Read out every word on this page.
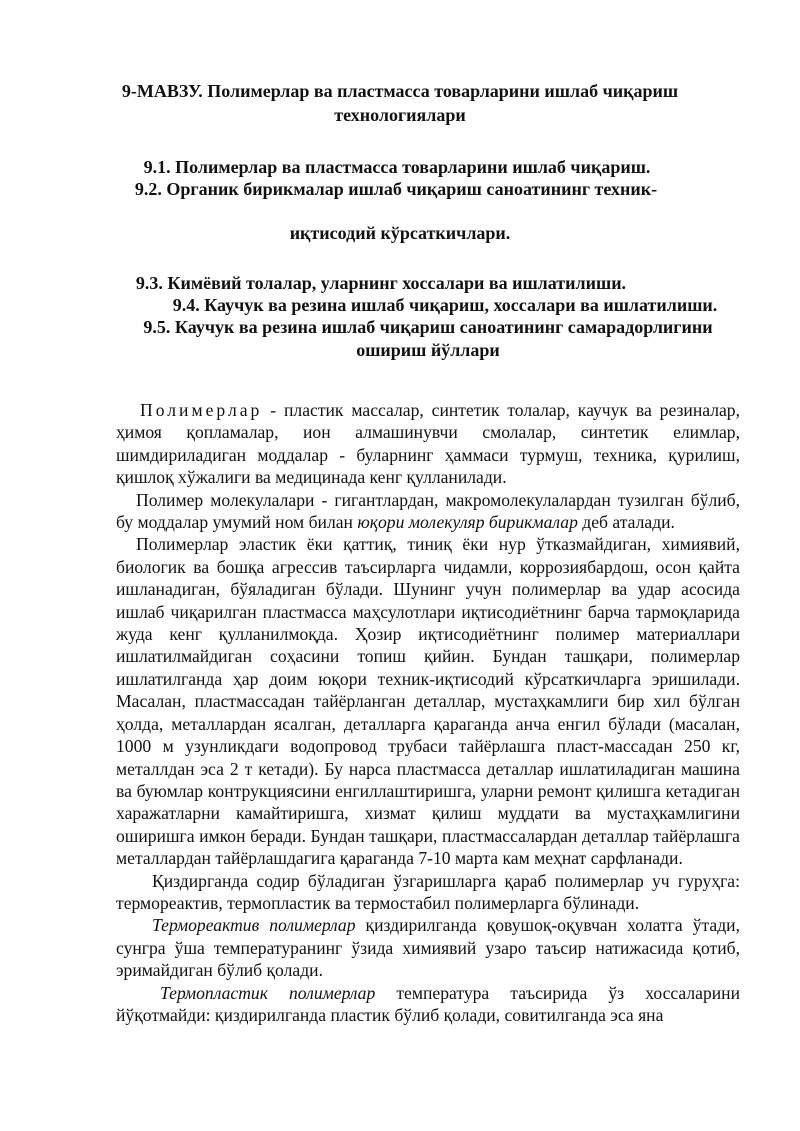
9-МАВЗУ. Полимерлар ва пластмасса товарларини ишлаб чиқариш

технологиялари

9.1. Полимерлар ва пластмасса товарларини ишлаб чиқариш.

9.2. Органик бирикмалар ишлаб чиқариш саноатининг техник-

иқтисодий кўрсаткичлари.

9.3. Кимёвий толалар, уларнинг хоссалари ва ишлатилиши.

9.4. Каучук ва резина ишлаб чиқариш, хоссалари ва ишлатилиши.

9.5. Каучук ва резина ишлаб чиқариш саноатининг самарадорлигини

ошириш йўллари

Полимерлар - пластик массалар, синтетик толалар, каучук ва резиналар, ҳимоя қопламалар, ион алмашинувчи смолалар, синтетик елимлар, шимдириладиган моддалар - буларнинг ҳаммаси турмуш, техника, қурилиш, қишлоқ хўжалиги ва медицинада кенг қулланилади.

Полимер молекулалари - гигантлардан, макромолекулалардан тузилган бўлиб, бу моддалар умумий ном билан юқори молекуляр бирикмалар деб аталади.

Полимерлар эластик ёки қаттиқ, тиниқ ёки нур ўтказмайдиган, химиявий, биологик ва бошқа агрессив таъсирларга чидамли, коррозиябардош, осон қайта ишланадиган, бўяладиган бўлади. Шунинг учун полимерлар ва удар асосида ишлаб чиқарилган пластмасса маҳсулотлари иқтисодиётнинг барча тармоқларида жуда кенг қулланилмоқда. Ҳозир иқтисодиётнинг полимер материаллари ишлатилмайдиган соҳасини топиш қийин. Бундан ташқари, полимерлар ишлатилганда ҳар доим юқори техник-иқтисодий кўрсаткичларга эришилади. Масалан, пластмассадан тайёрланган деталлар, мустаҳкамлиги бир хил бўлган ҳолда, металлардан ясалган, деталларга қараганда анча енгил бўлади (масалан, 1000 м узунликдаги водопровод трубаси тайёрлашга пласт-массадан 250 кг, металлдан эса 2 т кетади). Бу нарса пластмасса деталлар ишлатиладиган машина ва буюмлар контрукциясини енгиллаштиришга, уларни ремонт қилишга кетадиган харажатларни камайтиришга, хизмат қилиш муддати ва мустаҳкамлигини оширишга имкон беради. Бундан ташқари, пластмассалардан деталлар тайёрлашга металлардан тайёрлашдагига қараганда 7-10 марта кам меҳнат сарфланади.

Қиздирганда содир бўладиган ўзгаришларга қараб полимерлар уч гуруҳга: термореактив, термопластик ва термостабил полимерларга бўлинади.

Термореактив полимерлар қиздирилганда қовушоқ-оқувчан холатга ўтади, сунгра ўша температуранинг ўзида химиявий узаро таъсир натижасида қотиб, эримайдиган бўлиб қолади.

Термопластик полимерлар температура таъсирида ўз хоссаларини йўқотмайди: қиздирилганда пластик бўлиб қолади, совитилганда эса яна
